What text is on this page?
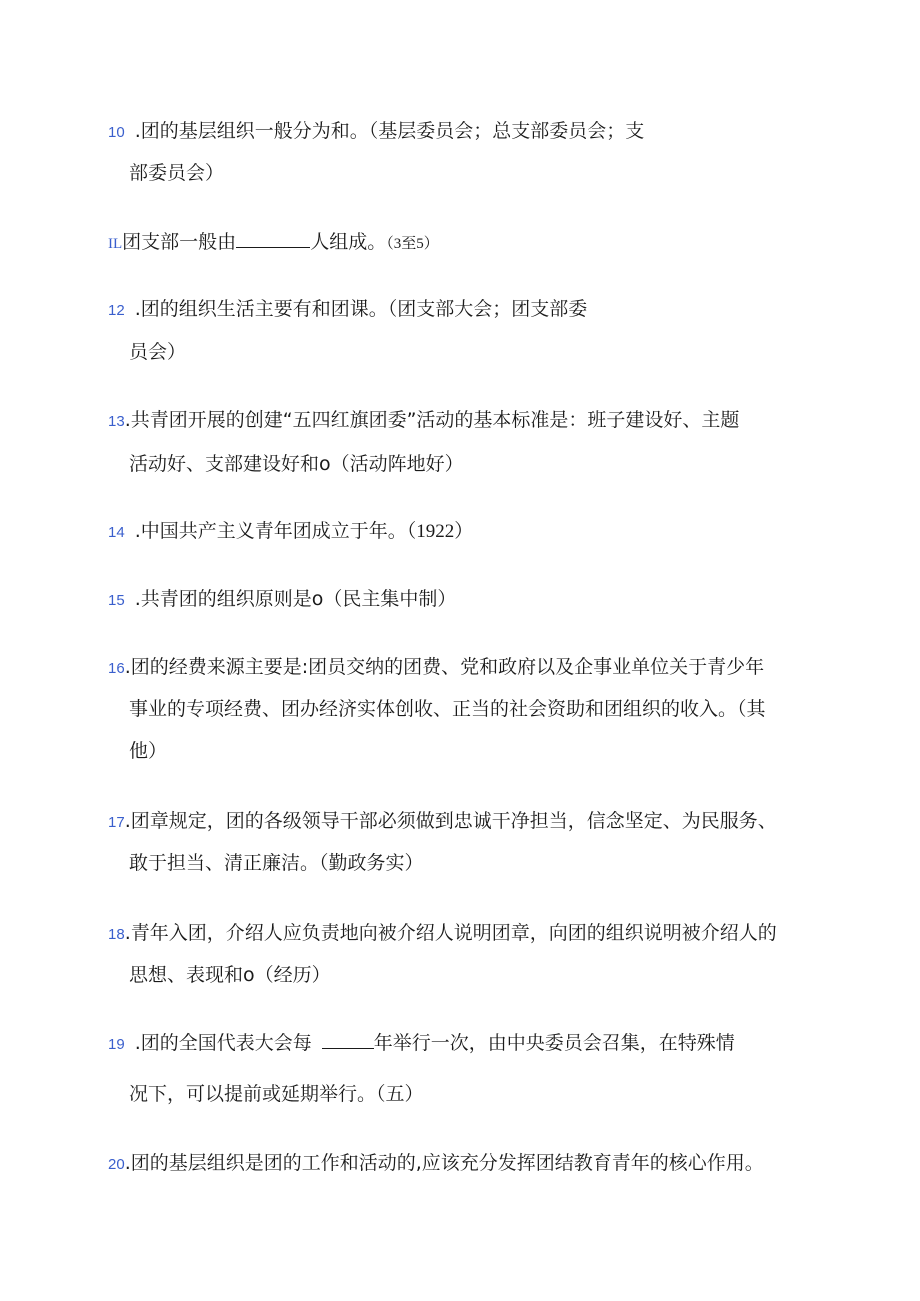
10 .团的基层组织一般分为和。（基层委员会；总支部委员会；支
部委员会）
IL团支部一般由	人组成。（3至5）
12 .团的组织生活主要有和团课。（团支部大会；团支部委
员会）
13.共青团开展的创建“五四红旗团委”活动的基本标准是：班子建设好、主题
活动好、支部建设好和o（活动阵地好）
14 .中国共产主义青年团成立于年。（1922）
15 .共青团的组织原则是o（民主集中制）
16.团的经费来源主要是:团员交纳的团费、党和政府以及企事业单位关于青少年
事业的专项经费、团办经济实体创收、正当的社会资助和团组织的收入。（其
他）
17.团章规定，团的各级领导干部必须做到忠诚干净担当，信念坚定、为民服务、
敢于担当、清正廉洁。（勤政务实）
18.青年入团，介绍人应负责地向被介绍人说明团章，向团的组织说明被介绍人的
思想、表现和o（经历）
19 .团的全国代表大会每	年举行一次，由中央委员会召集，在特殊情
况下，可以提前或延期举行。（五）
20.团的基层组织是团的工作和活动的,应该充分发挥团结教育青年的核心作用。
